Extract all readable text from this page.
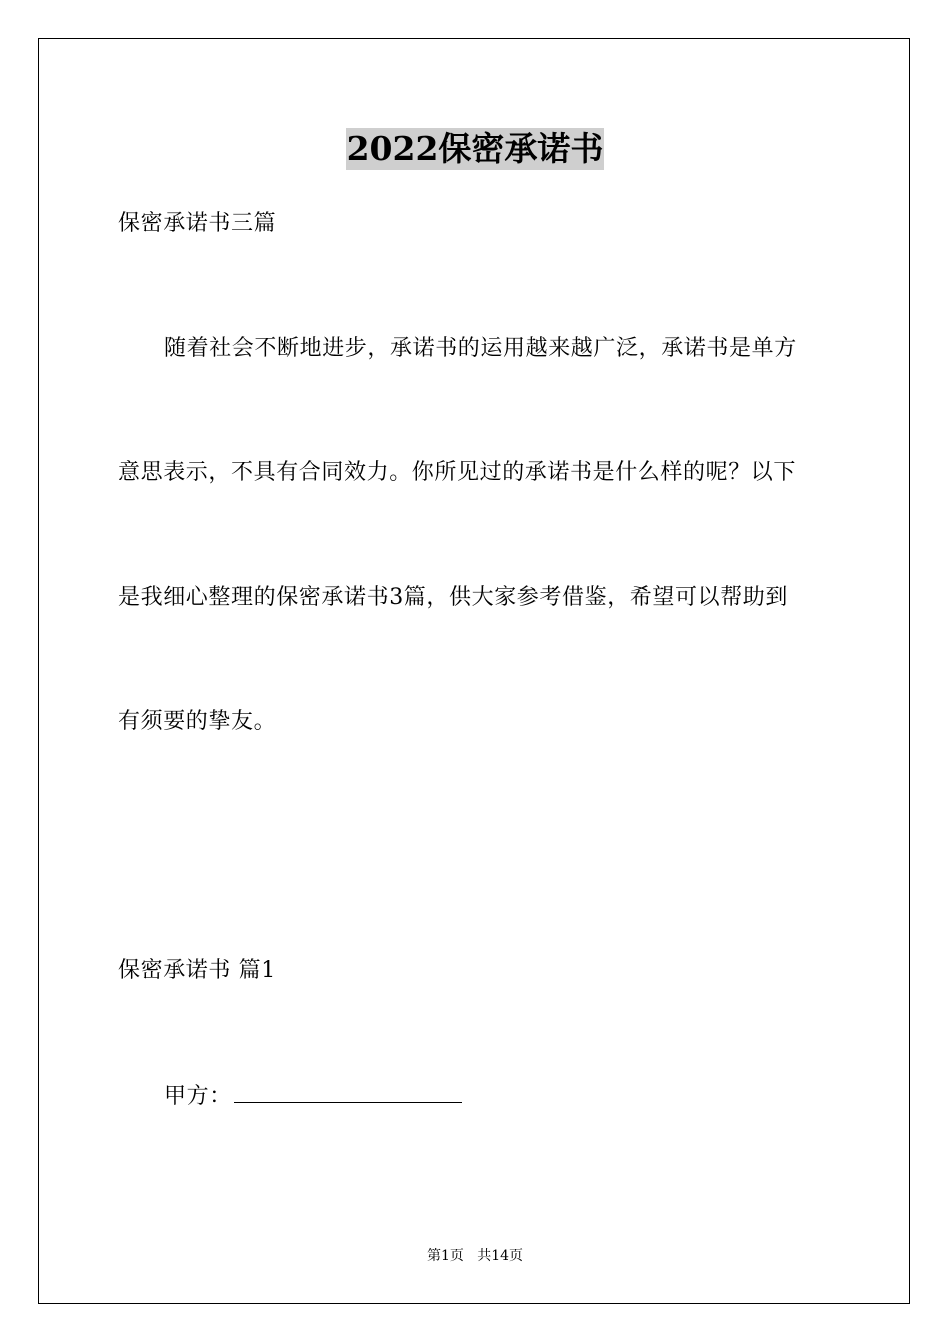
2022保密承诺书
保密承诺书三篇
随着社会不断地进步，承诺书的运用越来越广泛，承诺书是单方
意思表示，不具有合同效力。你所见过的承诺书是什么样的呢？以下
是我细心整理的保密承诺书3篇，供大家参考借鉴，希望可以帮助到
有须要的挚友。
保密承诺书 篇1
甲方：
第1页   共14页
